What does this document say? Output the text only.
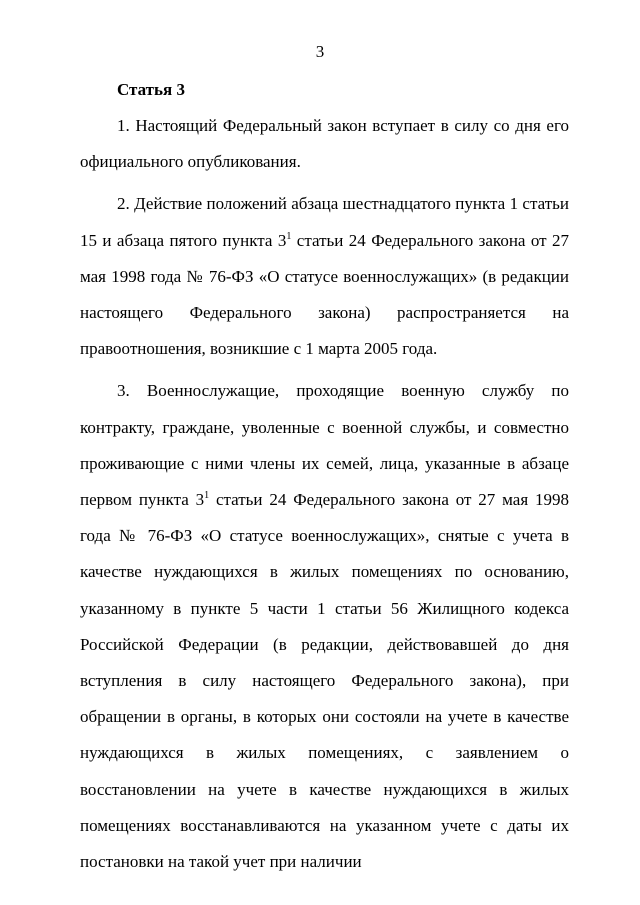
3
Статья 3

1. Настоящий Федеральный закон вступает в силу со дня его официального опубликования.

2. Действие положений абзаца шестнадцатого пункта 1 статьи 15 и абзаца пятого пункта $3^1$ статьи 24 Федерального закона от 27 мая 1998 года № 76-ФЗ «О статусе военнослужащих» (в редакции настоящего Федерального закона) распространяется на правоотношения, возникшие с 1 марта 2005 года.

3. Военнослужащие, проходящие военную службу по контракту, граждане, уволенные с военной службы, и совместно проживающие с ними члены их семей, лица, указанные в абзаце первом пункта $3^1$ статьи 24 Федерального закона от 27 мая 1998 года № 76-ФЗ «О статусе военнослужащих», снятые с учета в качестве нуждающихся в жилых помещениях по основанию, указанному в пункте 5 части 1 статьи 56 Жилищного кодекса Российской Федерации (в редакции, действовавшей до дня вступления в силу настоящего Федерального закона), при обращении в органы, в которых они состояли на учете в качестве нуждающихся в жилых помещениях, с заявлением о восстановлении на учете в качестве нуждающихся в жилых помещениях восстанавливаются на указанном учете с даты их постановки на такой учет при наличии
